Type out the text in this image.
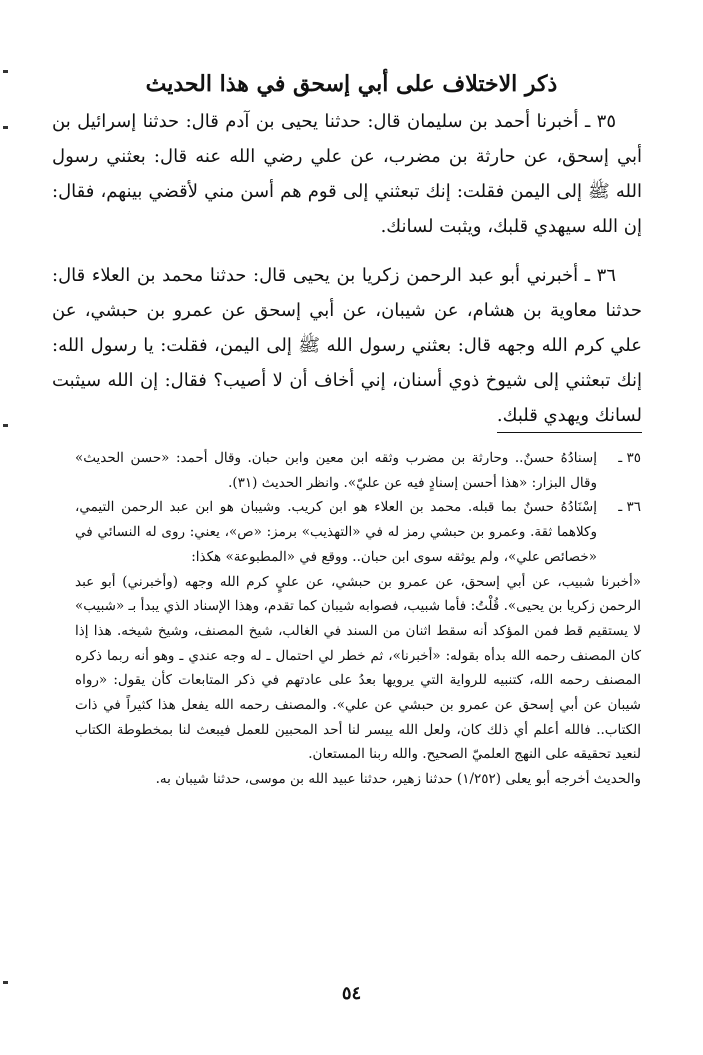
ذكر الاختلاف على أبي إسحق في هذا الحديث

٣٥ ـ أخبرنا أحمد بن سليمان قال: حدثنا يحيى بن آدم قال: حدثنا إسرائيل بن أبي إسحق، عن حارثة بن مضرب، عن علي رضي الله عنه قال: بعثني رسول الله ﷺ إلى اليمن فقلت: إنك تبعثني إلى قوم هم أسن مني لأقضي بينهم، فقال: إن الله سيهدي قلبك، ويثبت لسانك.

٣٦ ـ أخبرني أبو عبد الرحمن زكريا بن يحيى قال: حدثنا محمد بن العلاء قال: حدثنا معاوية بن هشام، عن شيبان، عن أبي إسحق عن عمرو بن حبشي، عن علي كرم الله وجهه قال: بعثني رسول الله ﷺ إلى اليمن، فقلت: يا رسول الله: إنك تبعثني إلى شيوخ ذوي أسنان، إني أخاف أن لا أصيب؟ فقال: إن الله سيثبت لسانك ويهدي قلبك.

٣٥ ـ

إسنادُهُ حسنٌ.. وحارثة بن مضرب وثقه ابن معين وابن حبان. وقال أحمد: «حسن الحديث» وقال البزار: «هذا أحسن إسنادٍ فيه عن عليّ». وانظر الحديث (٣١).

٣٦ ـ

إسْنَادُهُ حسنٌ بما قبله. محمد بن العلاء هو ابن كريب. وشيبان هو ابن عبد الرحمن التيمي، وكلاهما ثقة. وعمرو بن حبشي رمز له في «التهذيب» برمز: «ص»، يعني: روى له النسائي في «خصائص علي»، ولم يوثقه سوى ابن حبان.. ووقع في «المطبوعة» هكذا:

«أخبرنا شبيب، عن أبي إسحق، عن عمرو بن حبشي، عن عليٍ كرم الله وجهه (وأخبرني) أبو عبد الرحمن زكريا بن يحيى». قُلْتُ: فأما شبيب، فصوابه شيبان كما تقدم، وهذا الإسناد الذي يبدأ بـ «شبيب» لا يستقيم قط فمن المؤكد أنه سقط اثنان من السند في الغالب، شيخ المصنف، وشيخ شيخه. هذا إذا كان المصنف رحمه الله بدأه بقوله: «أخبرنا»، ثم خطر لي احتمال ـ له وجه عندي ـ وهو أنه ربما ذكره المصنف رحمه الله، كتنبيه للرواية التي يرويها بعدُ على عادتهم في ذكر المتابعات كأن يقول: «رواه شيبان عن أبي إسحق عن عمرو بن حبشي عن علي». والمصنف رحمه الله يفعل هذا كثيراً في ذات الكتاب.. فالله أعلم أي ذلك كان، ولعل الله ييسر لنا أحد المحبين للعمل فيبعث لنا بمخطوطة الكتاب لنعيد تحقيقه على النهج العلميّ الصحيح. والله ربنا المستعان.

والحديث أخرجه أبو يعلى (١/٢٥٢) حدثنا زهير، حدثنا عبيد الله بن موسى، حدثنا شيبان به.

٥٤
